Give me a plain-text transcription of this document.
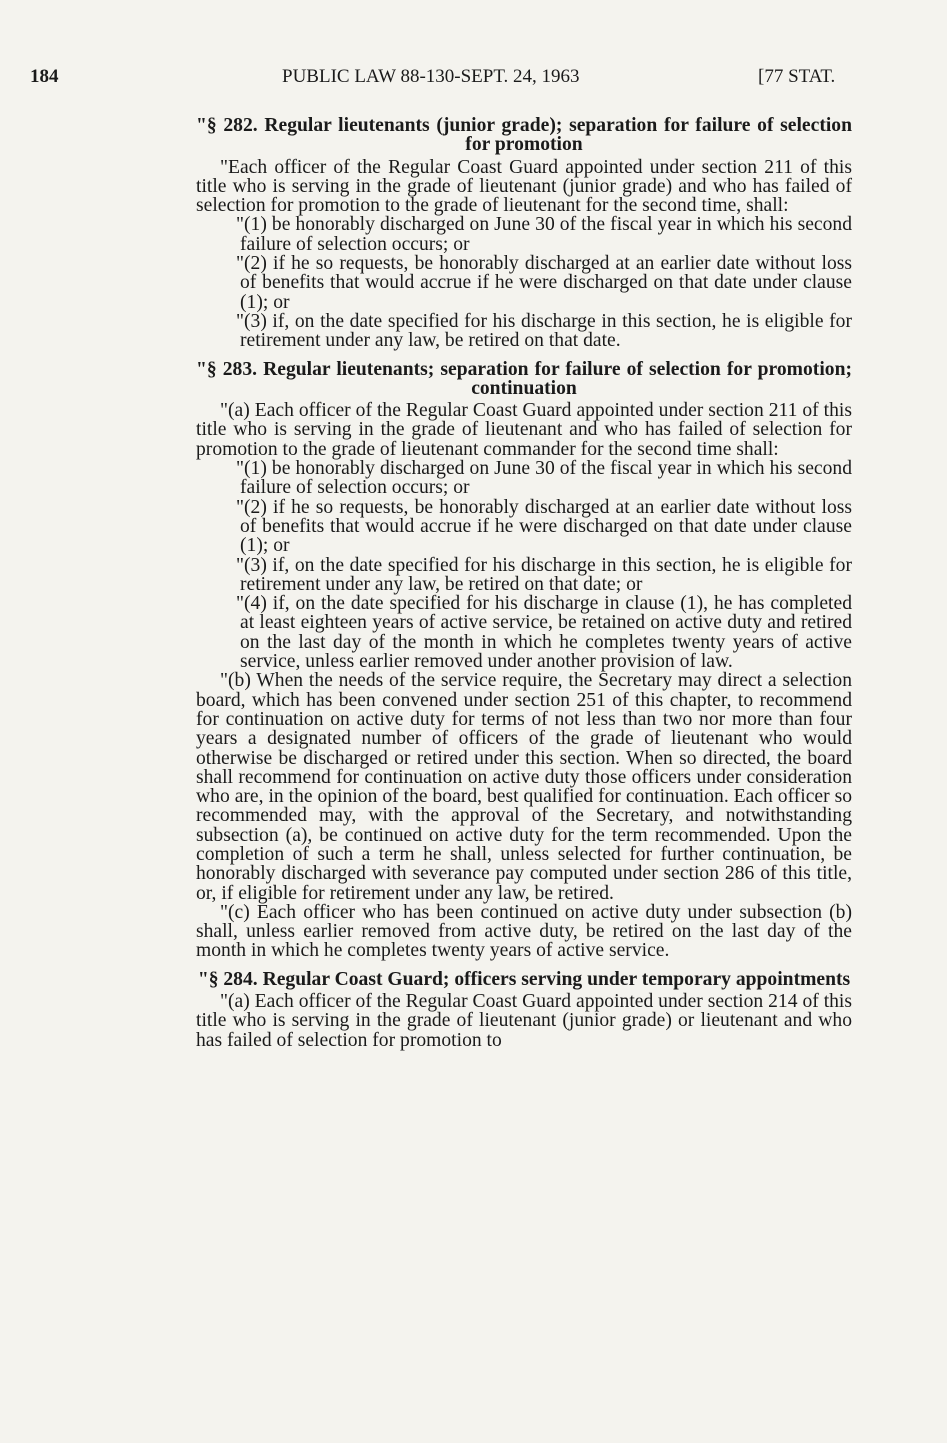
184	PUBLIC LAW 88-130-SEPT. 24, 1963	[77 STAT.
"§ 282. Regular lieutenants (junior grade); separation for failure of selection for promotion

"Each officer of the Regular Coast Guard appointed under section 211 of this title who is serving in the grade of lieutenant (junior grade) and who has failed of selection for promotion to the grade of lieutenant for the second time, shall:

"(1) be honorably discharged on June 30 of the fiscal year in which his second failure of selection occurs; or

"(2) if he so requests, be honorably discharged at an earlier date without loss of benefits that would accrue if he were discharged on that date under clause (1); or

"(3) if, on the date specified for his discharge in this section, he is eligible for retirement under any law, be retired on that date.

"§ 283. Regular lieutenants; separation for failure of selection for promotion; continuation

"(a) Each officer of the Regular Coast Guard appointed under section 211 of this title who is serving in the grade of lieutenant and who has failed of selection for promotion to the grade of lieutenant commander for the second time shall:

"(1) be honorably discharged on June 30 of the fiscal year in which his second failure of selection occurs; or

"(2) if he so requests, be honorably discharged at an earlier date without loss of benefits that would accrue if he were discharged on that date under clause (1); or

"(3) if, on the date specified for his discharge in this section, he is eligible for retirement under any law, be retired on that date; or

"(4) if, on the date specified for his discharge in clause (1), he has completed at least eighteen years of active service, be retained on active duty and retired on the last day of the month in which he completes twenty years of active service, unless earlier removed under another provision of law.

"(b) When the needs of the service require, the Secretary may direct a selection board, which has been convened under section 251 of this chapter, to recommend for continuation on active duty for terms of not less than two nor more than four years a designated number of officers of the grade of lieutenant who would otherwise be discharged or retired under this section. When so directed, the board shall recommend for continuation on active duty those officers under consideration who are, in the opinion of the board, best qualified for continuation. Each officer so recommended may, with the approval of the Secretary, and notwithstanding subsection (a), be continued on active duty for the term recommended. Upon the completion of such a term he shall, unless selected for further continuation, be honorably discharged with severance pay computed under section 286 of this title, or, if eligible for retirement under any law, be retired.

"(c) Each officer who has been continued on active duty under subsection (b) shall, unless earlier removed from active duty, be retired on the last day of the month in which he completes twenty years of active service.

"§ 284. Regular Coast Guard; officers serving under temporary appointments

"(a) Each officer of the Regular Coast Guard appointed under section 214 of this title who is serving in the grade of lieutenant (junior grade) or lieutenant and who has failed of selection for promotion to
